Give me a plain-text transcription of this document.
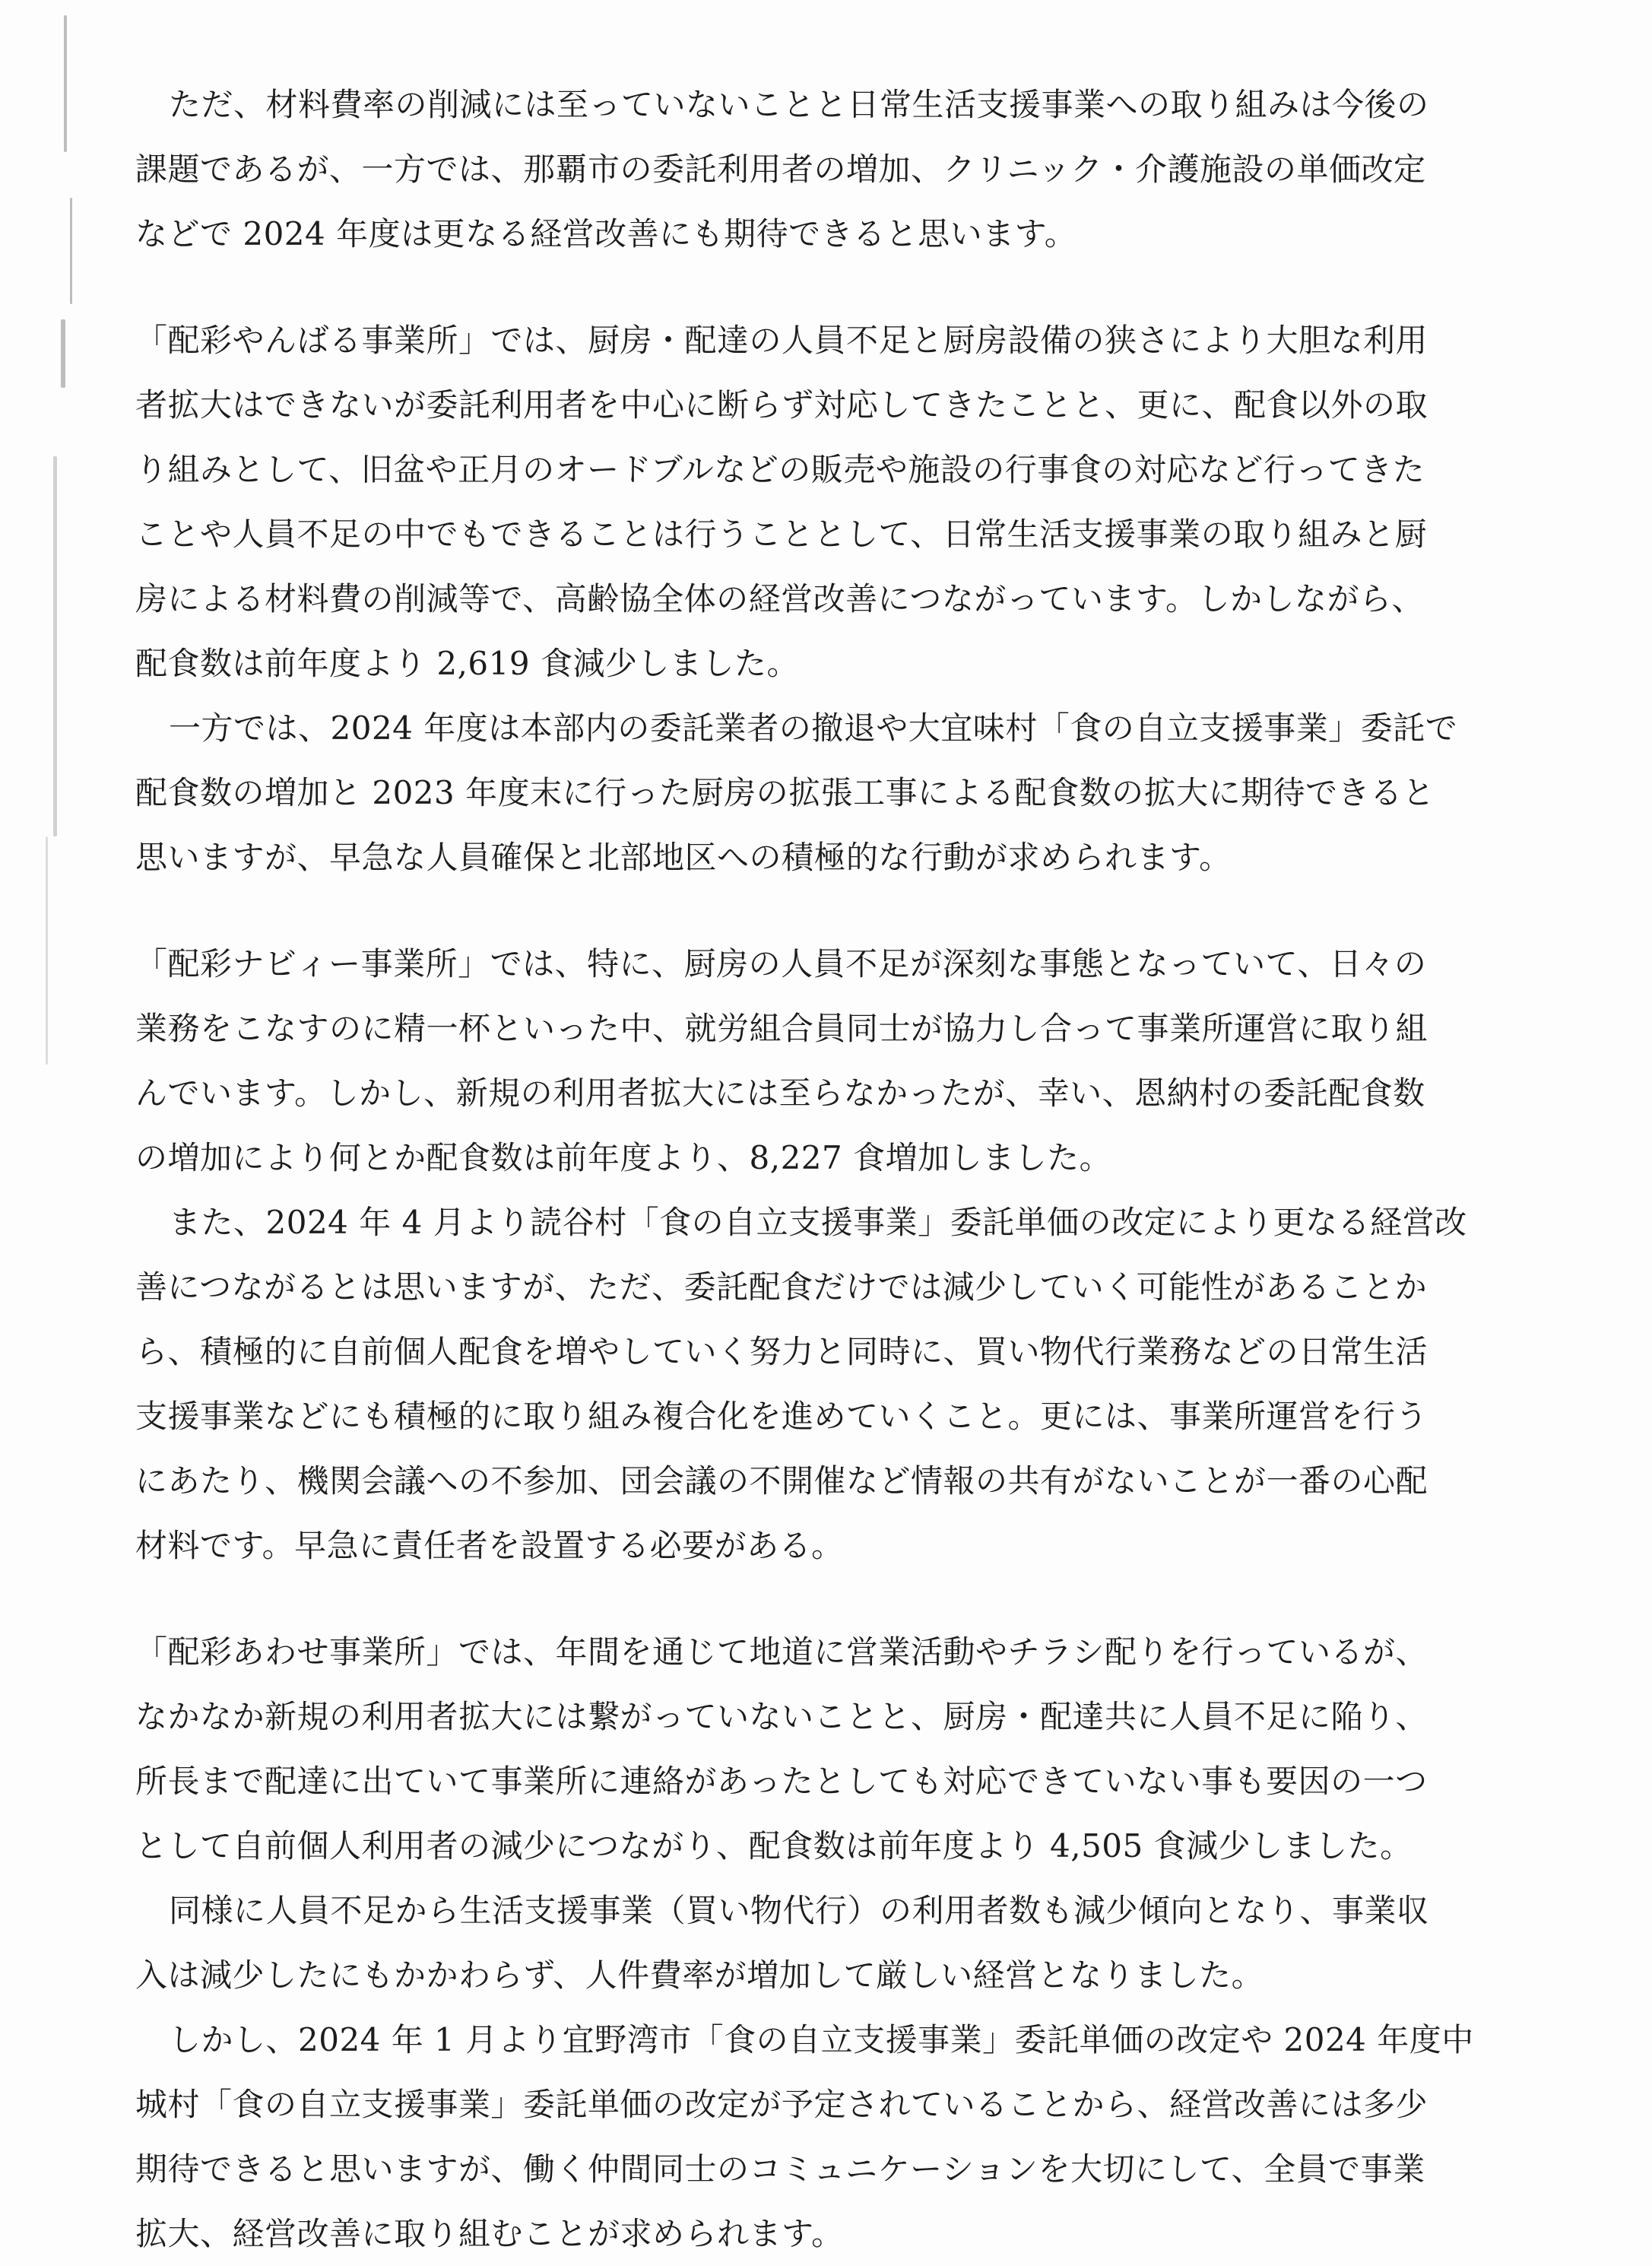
ただ、材料費率の削減には至っていないことと日常生活支援事業への取り組みは今後の
課題であるが、一方では、那覇市の委託利用者の増加、クリニック・介護施設の単価改定
などで 2024 年度は更なる経営改善にも期待できると思います。
「配彩やんばる事業所」では、厨房・配達の人員不足と厨房設備の狭さにより大胆な利用
者拡大はできないが委託利用者を中心に断らず対応してきたことと、更に、配食以外の取
り組みとして、旧盆や正月のオードブルなどの販売や施設の行事食の対応など行ってきた
ことや人員不足の中でもできることは行うこととして、日常生活支援事業の取り組みと厨
房による材料費の削減等で、高齢協全体の経営改善につながっています。しかしながら、
配食数は前年度より 2,619 食減少しました。
一方では、2024 年度は本部内の委託業者の撤退や大宜味村「食の自立支援事業」委託で
配食数の増加と 2023 年度末に行った厨房の拡張工事による配食数の拡大に期待できると
思いますが、早急な人員確保と北部地区への積極的な行動が求められます。
「配彩ナビィー事業所」では、特に、厨房の人員不足が深刻な事態となっていて、日々の
業務をこなすのに精一杯といった中、就労組合員同士が協力し合って事業所運営に取り組
んでいます。しかし、新規の利用者拡大には至らなかったが、幸い、恩納村の委託配食数
の増加により何とか配食数は前年度より、8,227 食増加しました。
また、2024 年 4 月より読谷村「食の自立支援事業」委託単価の改定により更なる経営改
善につながるとは思いますが、ただ、委託配食だけでは減少していく可能性があることか
ら、積極的に自前個人配食を増やしていく努力と同時に、買い物代行業務などの日常生活
支援事業などにも積極的に取り組み複合化を進めていくこと。更には、事業所運営を行う
にあたり、機関会議への不参加、団会議の不開催など情報の共有がないことが一番の心配
材料です。早急に責任者を設置する必要がある。
「配彩あわせ事業所」では、年間を通じて地道に営業活動やチラシ配りを行っているが、
なかなか新規の利用者拡大には繋がっていないことと、厨房・配達共に人員不足に陥り、
所長まで配達に出ていて事業所に連絡があったとしても対応できていない事も要因の一つ
として自前個人利用者の減少につながり、配食数は前年度より 4,505 食減少しました。
同様に人員不足から生活支援事業（買い物代行）の利用者数も減少傾向となり、事業収
入は減少したにもかかわらず、人件費率が増加して厳しい経営となりました。
しかし、2024 年 1 月より宜野湾市「食の自立支援事業」委託単価の改定や 2024 年度中
城村「食の自立支援事業」委託単価の改定が予定されていることから、経営改善には多少
期待できると思いますが、働く仲間同士のコミュニケーションを大切にして、全員で事業
拡大、経営改善に取り組むことが求められます。
